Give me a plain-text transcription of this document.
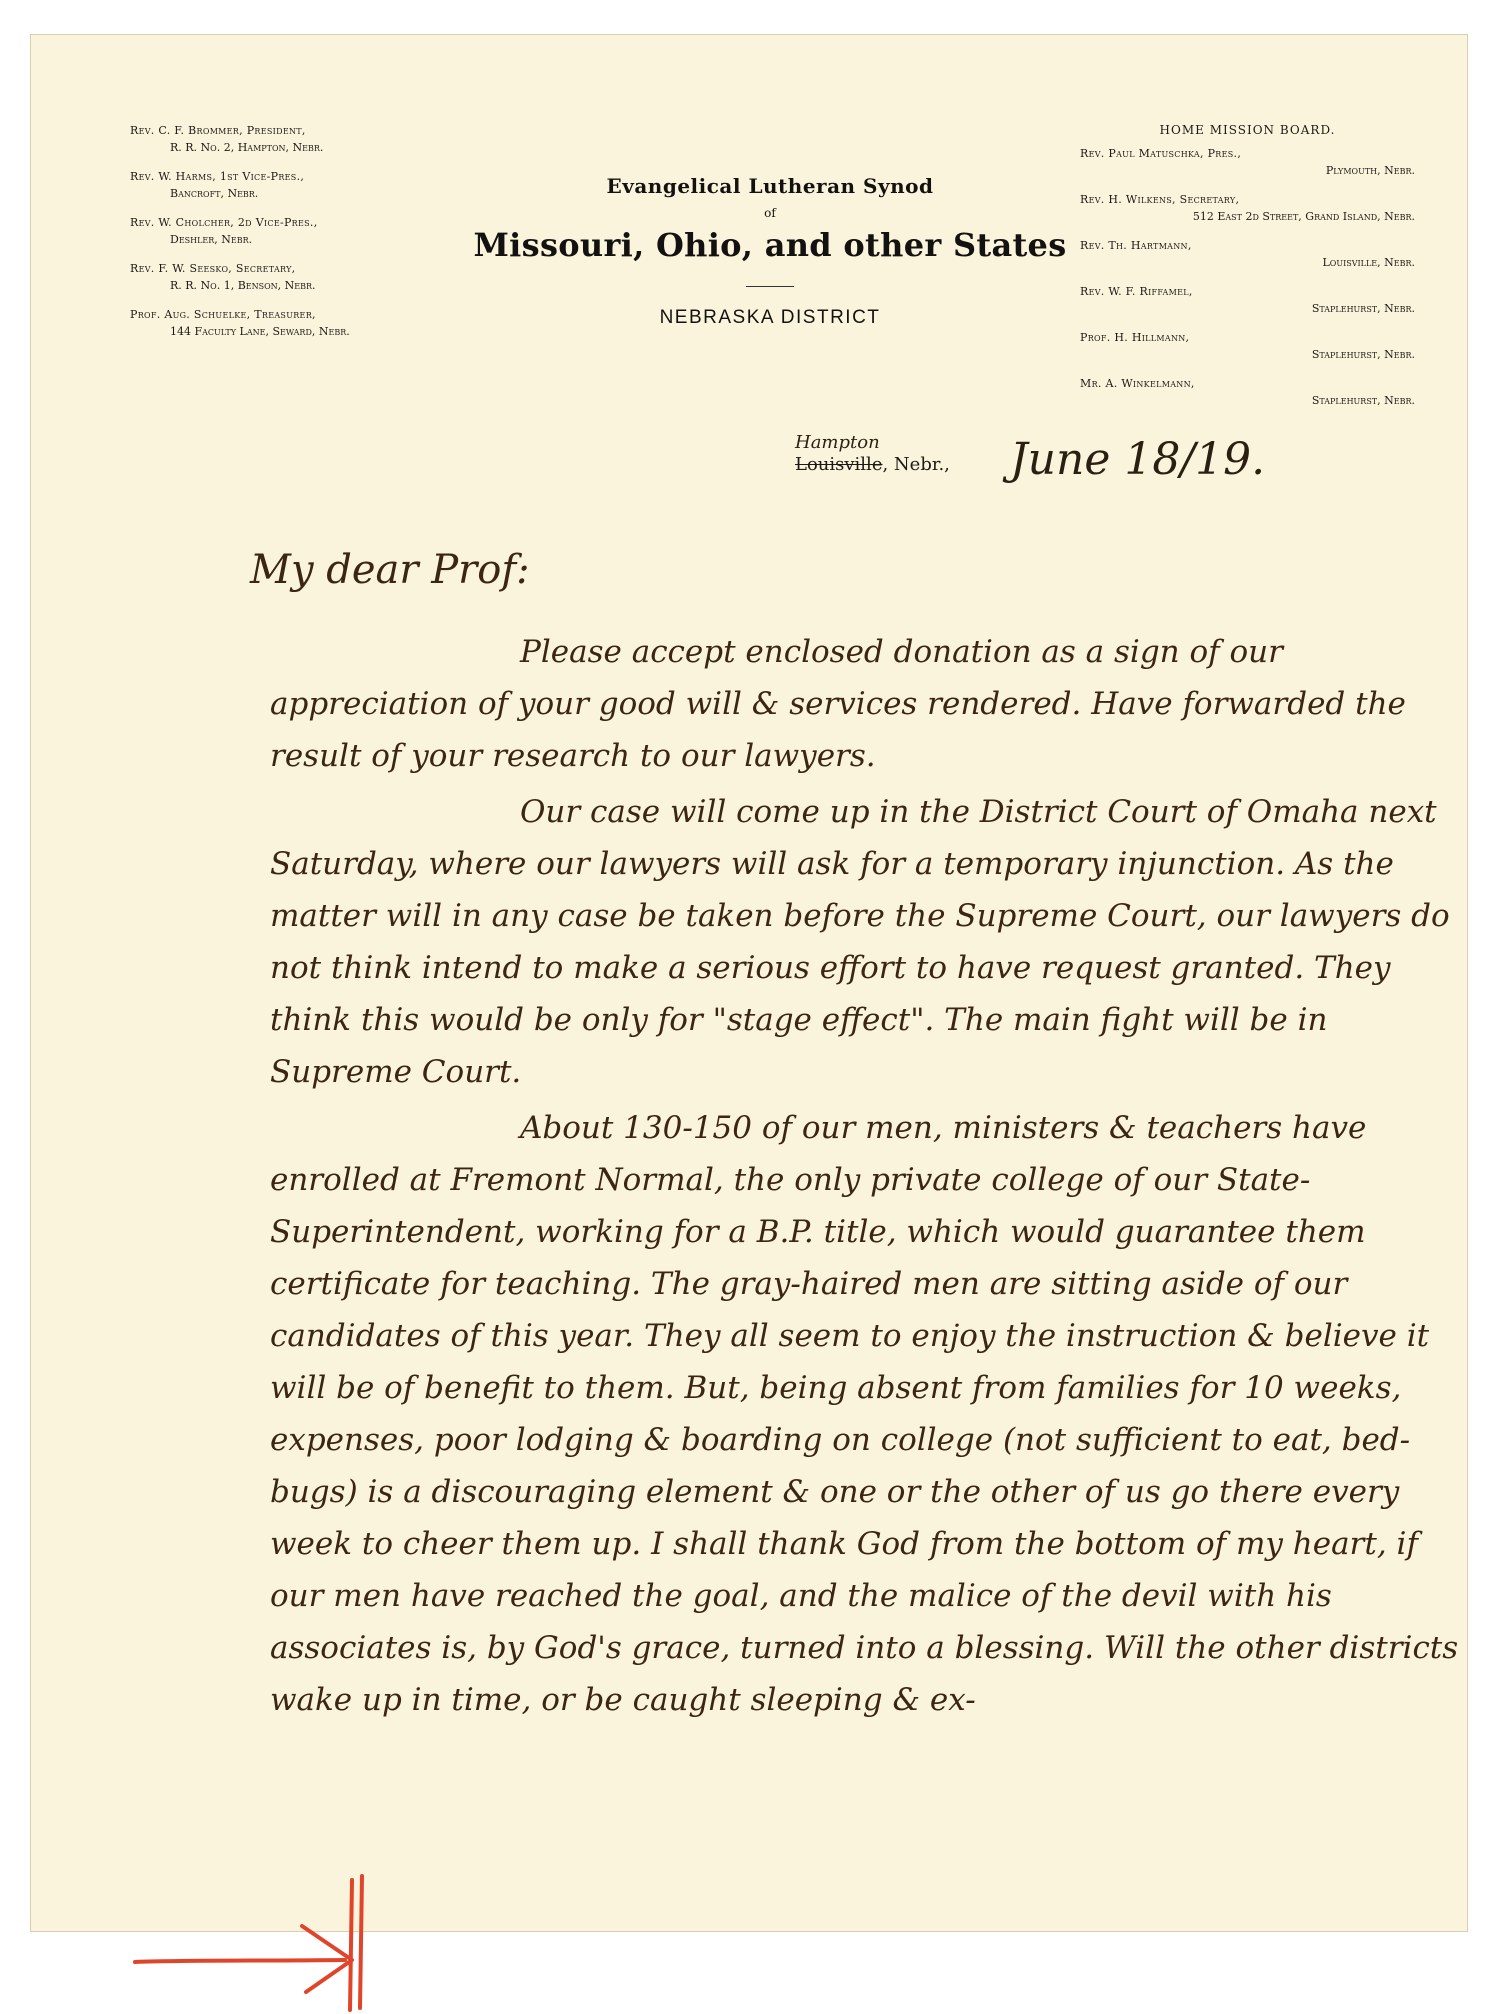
Rev. C. F. Brommer, President,
R. R. No. 2, Hampton, Nebr.
Rev. W. Harms, 1st Vice-Pres.,
Bancroft, Nebr.
Rev. W. Cholcher, 2d Vice-Pres.,
Deshler, Nebr.
Rev. F. W. Seesko, Secretary,
R. R. No. 1, Benson, Nebr.
Prof. Aug. Schuelke, Treasurer,
144 Faculty Lane, Seward, Nebr.
Evangelical Lutheran Synod
of
Missouri, Ohio, and other States
NEBRASKA DISTRICT
HOME MISSION BOARD.
Rev. Paul Matuschka, Pres.,
Plymouth, Nebr.
Rev. H. Wilkens, Secretary,
512 East 2d Street, Grand Island, Nebr.
Rev. Th. Hartmann,
Louisville, Nebr.
Rev. W. F. Riffamel,
Staplehurst, Nebr.
Prof. H. Hillmann,
Staplehurst, Nebr.
Mr. A. Winkelmann,
Staplehurst, Nebr.
Hampton
Louisville, Nebr., June 18/19.
My dear Prof:

Please accept enclosed donation as a sign of our appreciation of your good will & services rendered. Have forwarded the result of your research to our lawyers.

Our case will come up in the District Court of Omaha next Saturday, where our lawyers will ask for a temporary injunction. As the matter will in any case be taken before the Supreme Court, our lawyers do not think intend to make a serious effort to have request granted. They think this would be only for "stage effect". The main fight will be in Supreme Court.

About 130-150 of our men, ministers & teachers have enrolled at Fremont Normal, the only private college of our State-Superintendent, working for a B.P. title, which would guarantee them certificate for teaching. The gray-haired men are sitting aside of our candidates of this year. They all seem to enjoy the instruction & believe it will be of benefit to them. But, being absent from families for 10 weeks, expenses, poor lodging & boarding on college (not sufficient to eat, bed-bugs) is a discouraging element & one or the other of us go there every week to cheer them up. I shall thank God from the bottom of my heart, if our men have reached the goal, and the malice of the devil with his associates is, by God's grace, turned into a blessing. Will the other districts wake up in time, or be caught sleeping & ex-
